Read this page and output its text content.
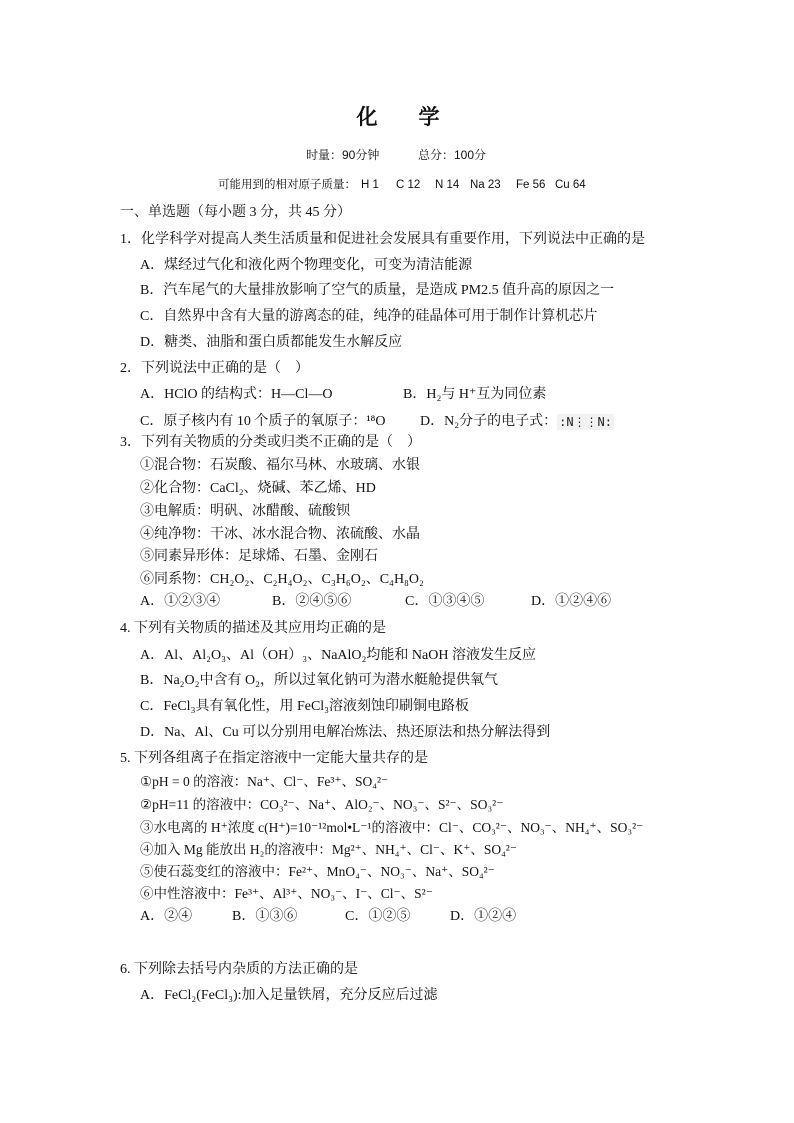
化　学
时量：90分钟	总分：100分
可能用到的相对原子质量： H 1 C 12 N 14 Na 23 Fe 56 Cu 64
一、单选题（每小题 3 分，共 45 分）
1．化学科学对提高人类生活质量和促进社会发展具有重要作用，下列说法中正确的是
A．煤经过气化和液化两个物理变化，可变为清洁能源
B．汽车尾气的大量排放影响了空气的质量，是造成 PM2.5 值升高的原因之一
C．自然界中含有大量的游离态的硅，纯净的硅晶体可用于制作计算机芯片
D．糖类、油脂和蛋白质都能发生水解反应
2．下列说法中正确的是（　）
A．HClO 的结构式：H—Cl—O	B．H₂与 H⁺互为同位素
C．原子核内有 10 个质子的氧原子：¹⁸O D．N₂分子的电子式： :N⋮⋮N:
3．下列有关物质的分类或归类不正确的是（　）
①混合物：石炭酸、福尔马林、水玻璃、水银
②化合物：CaCl₂、烧碱、苯乙烯、HD
③电解质：明矾、冰醋酸、硫酸钡
④纯净物：干冰、冰水混合物、浓硫酸、水晶
⑤同素异形体：足球烯、石墨、金刚石
⑥同系物：CH₂O₂、C₂H₄O₂、C₃H₆O₂、C₄H₈O₂
A．①②③④	B．②④⑤⑥	C．①③④⑤	D．①②④⑥
4. 下列有关物质的描述及其应用均正确的是
A．Al、Al₂O₃、Al（OH）₃、NaAlO₂均能和 NaOH 溶液发生反应
B．Na₂O₂中含有 O₂，所以过氧化钠可为潜水艇舱提供氧气
C．FeCl₃具有氧化性，用 FeCl₃溶液刻蚀印刷铜电路板
D．Na、Al、Cu 可以分别用电解冶炼法、热还原法和热分解法得到
5. 下列各组离子在指定溶液中一定能大量共存的是
①pH = 0 的溶液：Na⁺、Cl⁻、Fe³⁺、SO₄²⁻
②pH=11 的溶液中：CO₃²⁻、Na⁺、AlO₂⁻、NO₃⁻、S²⁻、SO₃²⁻
③水电离的 H⁺浓度 c(H⁺)=10⁻¹²mol•L⁻¹的溶液中：Cl⁻、CO₃²⁻、NO₃⁻、NH₄⁺、SO₃²⁻
④加入 Mg 能放出 H₂的溶液中：Mg²⁺、NH₄⁺、Cl⁻、K⁺、SO₄²⁻
⑤使石蕊变红的溶液中：Fe²⁺、MnO₄⁻、NO₃⁻、Na⁺、SO₄²⁻
⑥中性溶液中：Fe³⁺、Al³⁺、NO₃⁻、I⁻、Cl⁻、S²⁻
A．②④	B．①③⑥	C．①②⑤	D．①②④
6. 下列除去括号内杂质的方法正确的是
A．FeCl₂(FeCl₃):加入足量铁屑，充分反应后过滤
